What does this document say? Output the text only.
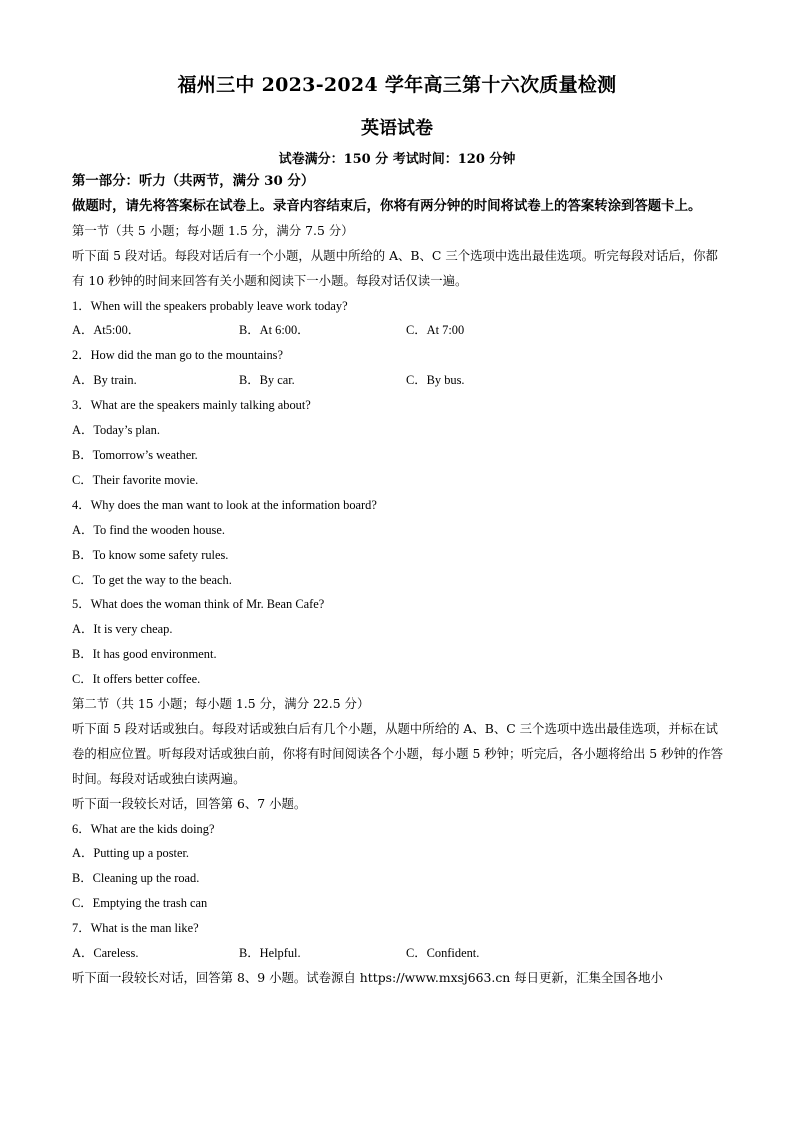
福州三中 2023-2024 学年高三第十六次质量检测
英语试卷
试卷满分：150 分 考试时间：120 分钟
第一部分：听力（共两节，满分 30 分）
做题时，请先将答案标在试卷上。录音内容结束后，你将有两分钟的时间将试卷上的答案转涂到答题卡上。
第一节（共 5 小题；每小题 1.5 分，满分 7.5 分）
听下面 5 段对话。每段对话后有一个小题，从题中所给的 A、B、C 三个选项中选出最佳选项。听完每段对话后，你都有 10 秒钟的时间来回答有关小题和阅读下一小题。每段对话仅读一遍。
1．When will the speakers probably leave work today?
A．At5:00．	B．At 6:00．	C．At 7:00
2．How did the man go to the mountains?
A．By train.	B．By car.	C．By bus.
3．What are the speakers mainly talking about?
A．Today’s plan.
B．Tomorrow’s weather.
C．Their favorite movie.
4．Why does the man want to look at the information board?
A．To find the wooden house.
B．To know some safety rules.
C．To get the way to the beach.
5．What does the woman think of Mr. Bean Cafe?
A．It is very cheap.
B．It has good environment.
C．It offers better coffee.
第二节（共 15 小题；每小题 1.5 分，满分 22.5 分）
听下面 5 段对话或独白。每段对话或独白后有几个小题，从题中所给的 A、B、C 三个选项中选出最佳选项，并标在试卷的相应位置。听每段对话或独白前，你将有时间阅读各个小题，每小题 5 秒钟；听完后，各小题将给出 5 秒钟的作答时间。每段对话或独白读两遍。
听下面一段较长对话，回答第 6、7 小题。
6．What are the kids doing?
A．Putting up a poster.
B．Cleaning up the road.
C．Emptying the trash can
7．What is the man like?
A．Careless.	B．Helpful.	C．Confident.
听下面一段较长对话，回答第 8、9 小题。试卷源自 https://www.mxsj663.cn 每日更新，汇集全国各地小
